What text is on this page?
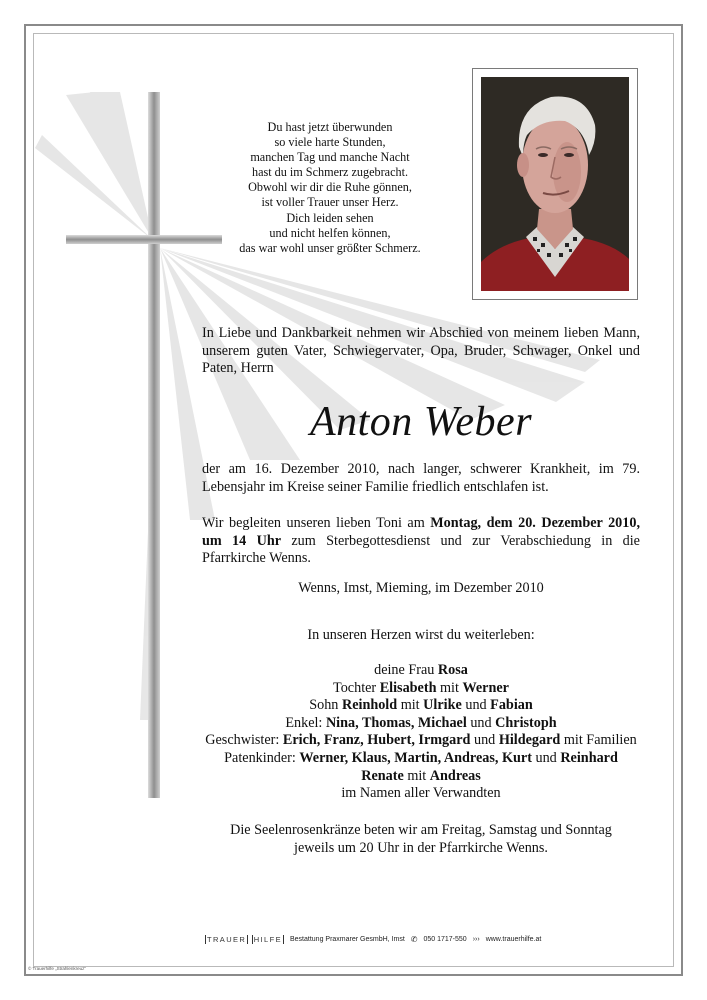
Du hast jetzt überwunden
so viele harte Stunden,
manchen Tag und manche Nacht
hast du im Schmerz zugebracht.
Obwohl wir dir die Ruhe gönnen,
ist voller Trauer unser Herz.
Dich leiden sehen
und nicht helfen können,
das war wohl unser größter Schmerz.
In Liebe und Dankbarkeit nehmen wir Abschied von meinem lieben Mann, unserem guten Vater, Schwiegervater, Opa, Bruder, Schwager, Onkel und Paten, Herrn
Anton Weber
der am 16. Dezember 2010, nach langer, schwerer Krankheit, im 79. Lebensjahr im Kreise seiner Familie friedlich entschlafen ist.
Wir begleiten unseren lieben Toni am Montag, dem 20. Dezember 2010, um 14 Uhr zum Sterbegottesdienst und zur Verabschiedung in die Pfarrkirche Wenns.
Wenns, Imst, Mieming, im Dezember 2010
In unseren Herzen wirst du weiterleben:
deine Frau Rosa
Tochter Elisabeth mit Werner
Sohn Reinhold mit Ulrike und Fabian
Enkel: Nina, Thomas, Michael und Christoph
Geschwister: Erich, Franz, Hubert, Irmgard und Hildegard mit Familien
Patenkinder: Werner, Klaus, Martin, Andreas, Kurt und Reinhard
Renate mit Andreas
im Namen aller Verwandten
Die Seelenrosenkränze beten wir am Freitag, Samstag und Sonntag
jeweils um 20 Uhr in der Pfarrkirche Wenns.
TRAUER HILFE Bestattung Praxmarer GesmbH, Imst ✆ 050 1717-550 ››› www.trauerhilfe.at
© Trauerhilfe „Strahlenkreuz“
